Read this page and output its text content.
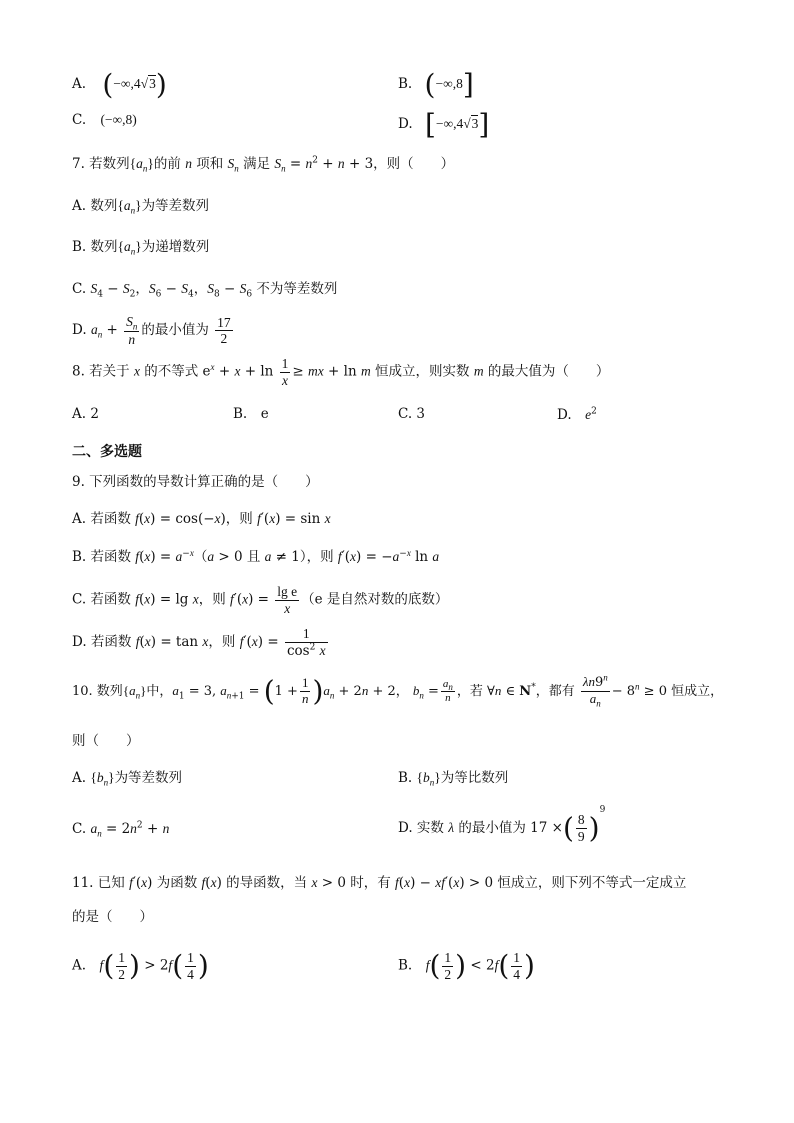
A. (−∞,4√3)	B. (−∞,8]
C. (−∞,8)	D. [−∞,4√3]
7. 若数列$\{a_n\}$的前 n 项和 $S_n$ 满足 $S_n = n^2 + n + 3$，则（　　）
A. 数列$\{a_n\}$为等差数列
B. 数列$\{a_n\}$为递增数列
C. $S_4 - S_2$，$S_6 - S_4$，$S_8 - S_6$ 不为等差数列
D. $a_n + \frac{S_n}{n}$ 的最小值为 $\frac{17}{2}$
8. 若关于 x 的不等式 $e^x + x + \ln \frac{1}{x}$ ≥ mx + ln m 恒成立，则实数 m 的最大值为（　　）
A. 2	B.　e	C. 3	D.　$e^2$
二、多选题
9. 下列函数的导数计算正确的是（　　）
A. 若函数 f(x) = cos(−x)，则 f′(x) = sin x
B. 若函数 $f(x) = a^{-x}(a > 0$ 且 a ≠ 1），则 $f'(x) = -a^{-x}$ ln a
C. 若函数 f(x) = lg x，则 $f'(x) = \frac{\text{lg e}}{x} (e$ 是自然对数的底数）
D. 若函数 f(x) = tan x，则 $f'(x) = \frac{1}{\cos^2 x}$
10. 数列$\{a_n\}$中，$a_1 = 3$, $a_{n+1} = (1 + \frac{1}{n} )a_n + 2n + 2$， $b_n = \frac{a_n}{n}$ ，若 ∀n ∈ N*，都有 $\frac{\lambda n9^n}{a_n} - 8^n \ge 0$ 恒成立，
则（　　）
A. $\{b_n\}$为等差数列	B. $\{b_n\}$为等比数列
C. $a_n = 2n^2 + n$	D. 实数 λ 的最小值为 17 ×( $\frac{8}{9} )^9$
11. 已知 f′(x) 为函数 f(x) 的导函数，当 x > 0 时，有 f(x) − xf′(x) > 0 恒成立，则下列不等式一定成立
的是（　　）
A.　$f( \frac{1}{2}$ ) > $2f( \frac{1}{4}$ )	B.　$f( \frac{1}{2}$ ) < $2f( \frac{1}{4}$ )
